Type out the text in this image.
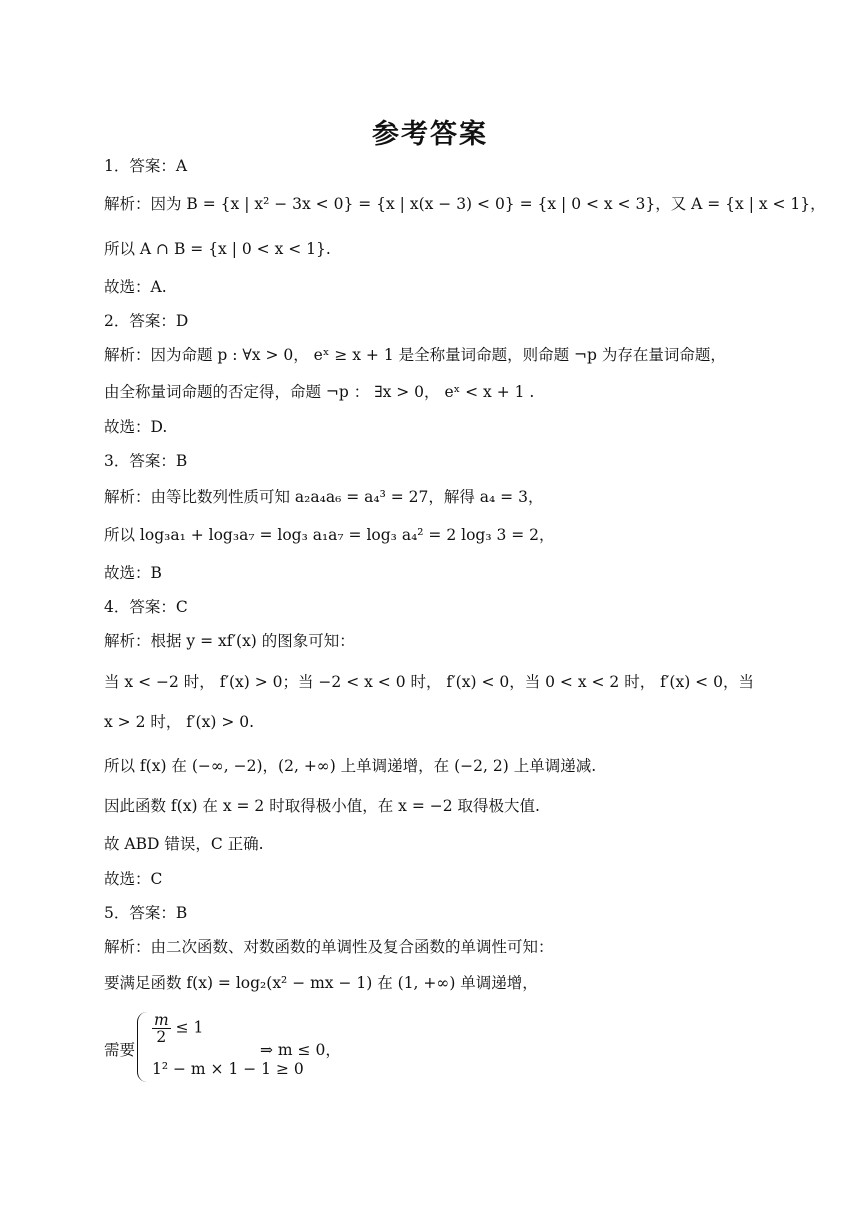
参考答案
1．答案：A
解析：因为 B = {x | x² − 3x < 0} = {x | x(x − 3) < 0} = {x | 0 < x < 3}，又 A = {x | x < 1}，
所以 A ∩ B = {x | 0 < x < 1}.
故选：A.
2．答案：D
解析：因为命题 p : ∀x > 0， eˣ ≥ x + 1 是全称量词命题，则命题 ¬p 为存在量词命题，
由全称量词命题的否定得，命题 ¬p ： ∃x > 0， eˣ < x + 1 .
故选：D.
3．答案：B
解析：由等比数列性质可知 a₂a₄a₆ = a₄³ = 27，解得 a₄ = 3，
所以 log₃a₁ + log₃a₇ = log₃ a₁a₇ = log₃ a₄² = 2 log₃ 3 = 2，
故选：B
4．答案：C
解析：根据 y = xf′(x) 的图象可知：
当 x < −2 时， f′(x) > 0；当 −2 < x < 0 时， f′(x) < 0，当 0 < x < 2 时， f′(x) < 0，当
x > 2 时， f′(x) > 0.
所以 f(x) 在 (−∞, −2)，(2, +∞) 上单调递增，在 (−2, 2) 上单调递减.
因此函数 f(x) 在 x = 2 时取得极小值，在 x = −2 取得极大值.
故 ABD 错误，C 正确.
故选：C
5．答案：B
解析：由二次函数、对数函数的单调性及复合函数的单调性可知：
要满足函数 f(x) = log₂(x² − mx − 1) 在 (1, +∞) 单调递增，
需要
$\frac{m}{2} \le 1$
1² − m × 1 − 1 ≥ 0
⇒ m ≤ 0，
